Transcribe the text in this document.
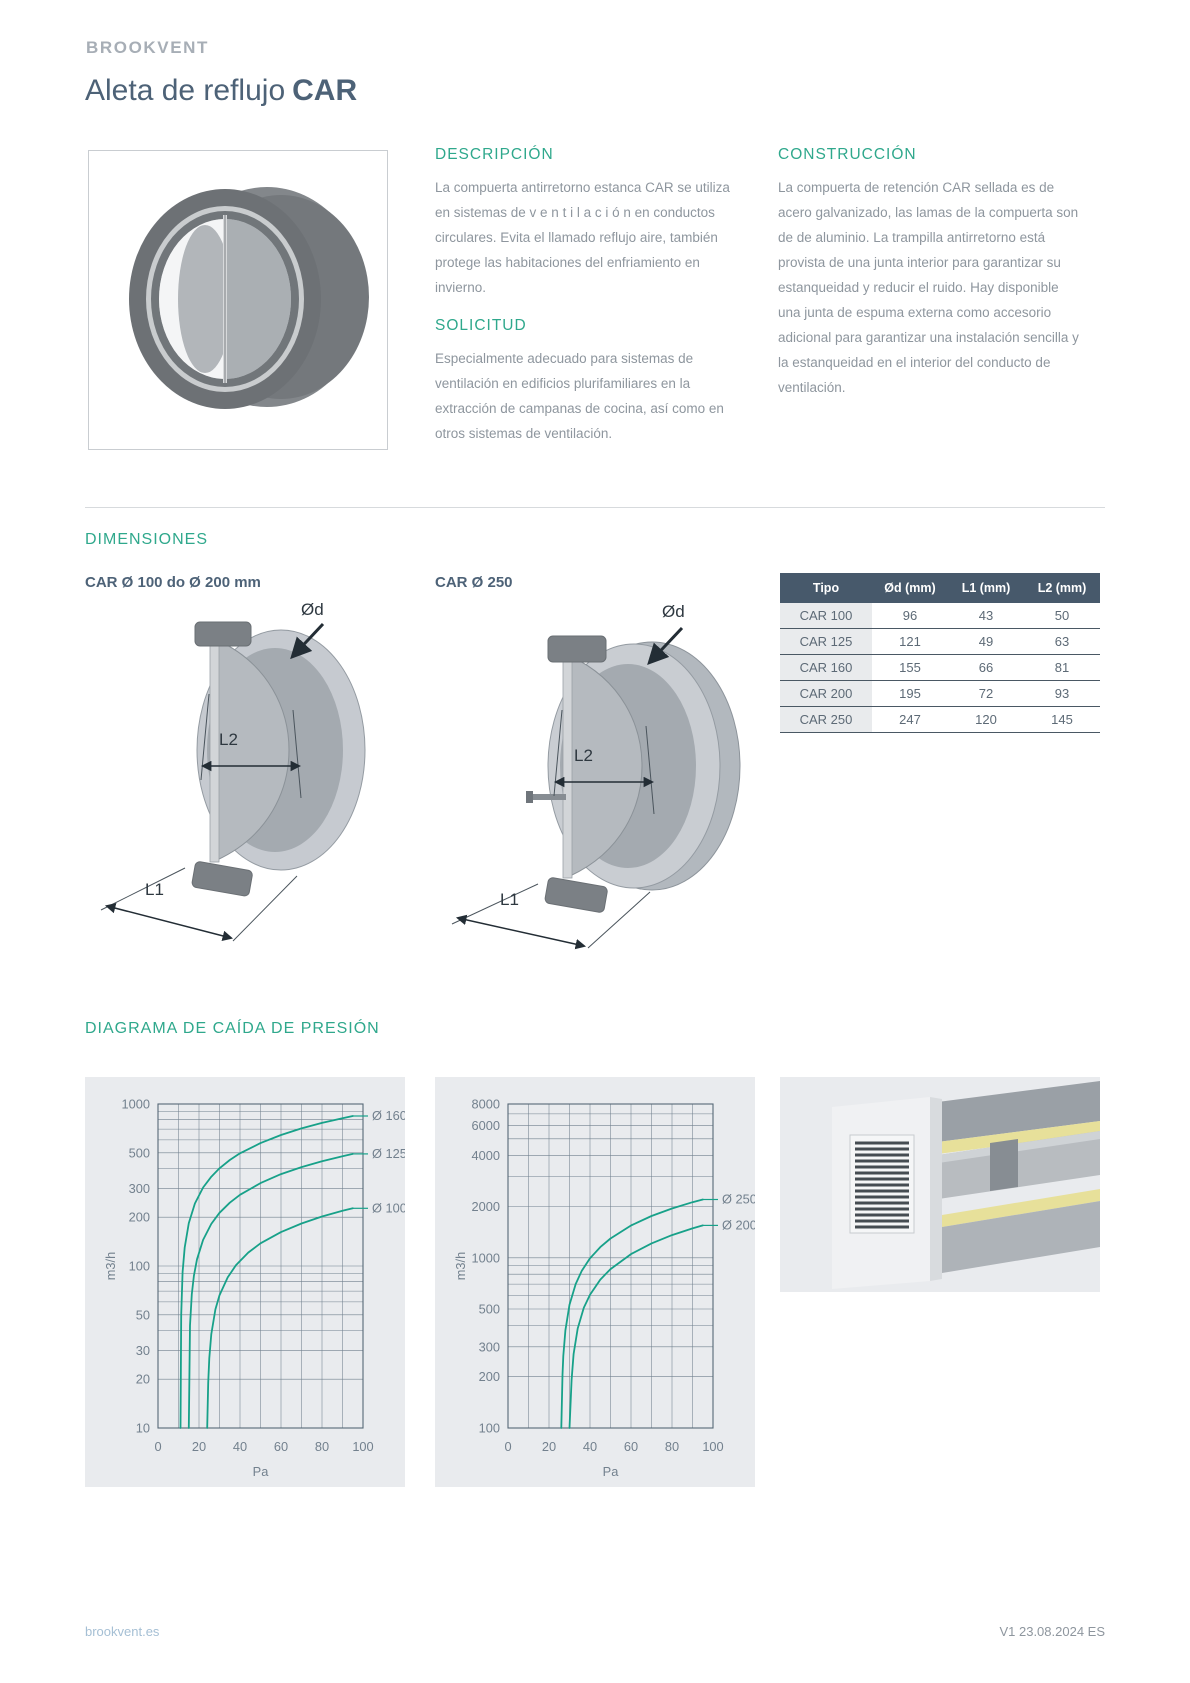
BROOKVENT
Aleta de reflujo CAR
DESCRIPCIÓN

La compuerta antirretorno estanca CAR se utiliza en sistemas de v e n t i l a c i ó n en conductos circulares. Evita el llamado reflujo aire, también protege las habitaciones del enfriamiento en invierno.

SOLICITUD

Especialmente adecuado para sistemas de ventilación en edificios plurifamiliares en la extracción de campanas de cocina, así como en otros sistemas de ventilación.

CONSTRUCCIÓN

La compuerta de retención CAR sellada es de acero galvanizado, las lamas de la compuerta son de de aluminio. La trampilla antirretorno está provista de una junta interior para garantizar su estanqueidad y reducir el ruido. Hay disponible una junta de espuma externa como accesorio adicional para garantizar una instalación sencilla y la estanqueidad en el interior del conducto de ventilación.

DIMENSIONES
CAR Ø 100 do Ø 200 mm	CAR Ø 250
Ød
L2
L1
Ød
L2
L1
Tipo	Ød (mm)	L1 (mm)	L2 (mm)
CAR 100	96	43	50
CAR 125	121	49	63
CAR 160	155	66	81
CAR 200	195	72	93
CAR 250	247	120	145
DIAGRAMA DE CAÍDA DE PRESIÓN
1000
500
300
200
100
50
30
20
10
0 20 40 60 80 100
Pa
m3/h
Ø 160
Ø 125
Ø 100
8000
6000
4000
2000
1000
500
300
200
100
0 20 40 60 80 100
Pa
m3/h
Ø 250
Ø 200
brookvent.es	V1 23.08.2024 ES
